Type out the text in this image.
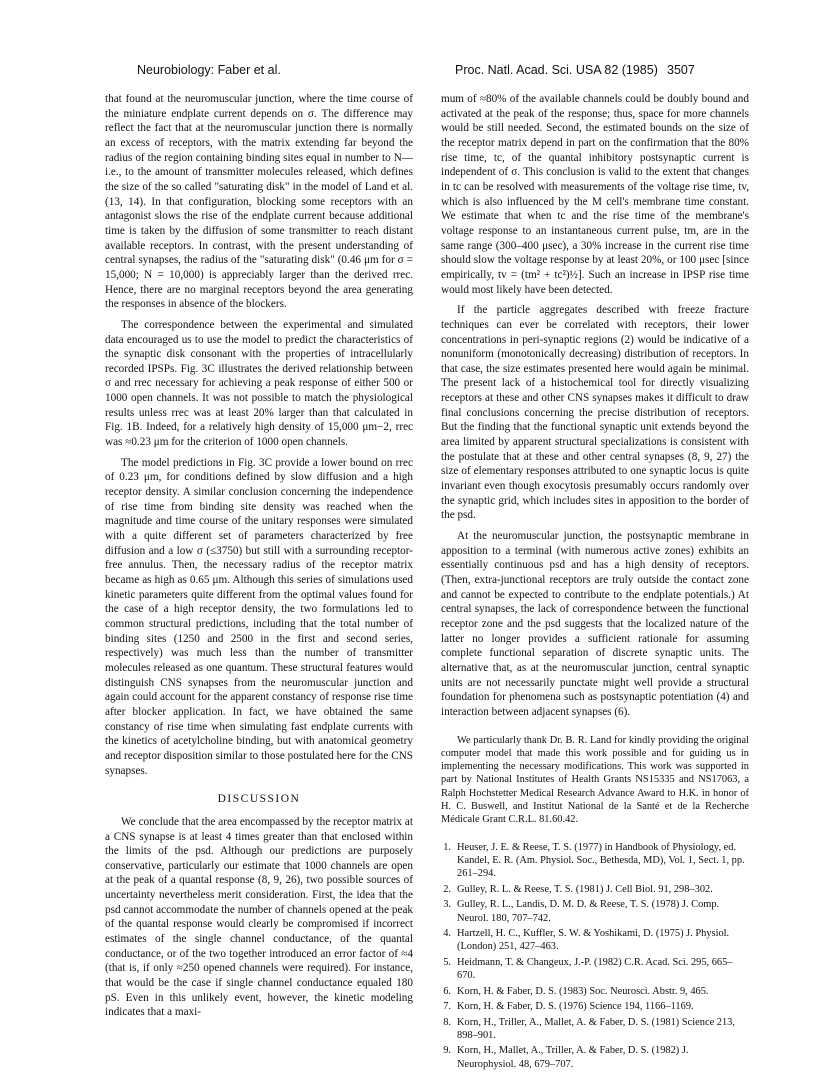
Neurobiology: Faber et al.	Proc. Natl. Acad. Sci. USA 82 (1985) 3507

that found at the neuromuscular junction, where the time course of the miniature endplate current depends on σ. The difference may reflect the fact that at the neuromuscular junction there is normally an excess of receptors, with the matrix extending far beyond the radius of the region containing binding sites equal in number to N—i.e., to the amount of transmitter molecules released, which defines the size of the so called "saturating disk" in the model of Land et al. (13, 14). In that configuration, blocking some receptors with an antagonist slows the rise of the endplate current because additional time is taken by the diffusion of some transmitter to reach distant available receptors. In contrast, with the present understanding of central synapses, the radius of the "saturating disk" (0.46 μm for σ = 15,000; N = 10,000) is appreciably larger than the derived rrec. Hence, there are no marginal receptors beyond the area generating the responses in absence of the blockers.

The correspondence between the experimental and simulated data encouraged us to use the model to predict the characteristics of the synaptic disk consonant with the properties of intracellularly recorded IPSPs. Fig. 3C illustrates the derived relationship between σ and rrec necessary for achieving a peak response of either 500 or 1000 open channels. It was not possible to match the physiological results unless rrec was at least 20% larger than that calculated in Fig. 1B. Indeed, for a relatively high density of 15,000 μm−2, rrec was ≈0.23 μm for the criterion of 1000 open channels.

The model predictions in Fig. 3C provide a lower bound on rrec of 0.23 μm, for conditions defined by slow diffusion and a high receptor density. A similar conclusion concerning the independence of rise time from binding site density was reached when the magnitude and time course of the unitary responses were simulated with a quite different set of parameters characterized by free diffusion and a low σ (≤3750) but still with a surrounding receptor-free annulus. Then, the necessary radius of the receptor matrix became as high as 0.65 μm. Although this series of simulations used kinetic parameters quite different from the optimal values found for the case of a high receptor density, the two formulations led to common structural predictions, including that the total number of binding sites (1250 and 2500 in the first and second series, respectively) was much less than the number of transmitter molecules released as one quantum. These structural features would distinguish CNS synapses from the neuromuscular junction and again could account for the apparent constancy of response rise time after blocker application. In fact, we have obtained the same constancy of rise time when simulating fast endplate currents with the kinetics of acetylcholine binding, but with anatomical geometry and receptor disposition similar to those postulated here for the CNS synapses.

DISCUSSION

We conclude that the area encompassed by the receptor matrix at a CNS synapse is at least 4 times greater than that enclosed within the limits of the psd. Although our predictions are purposely conservative, particularly our estimate that 1000 channels are open at the peak of a quantal response (8, 9, 26), two possible sources of uncertainty nevertheless merit consideration. First, the idea that the psd cannot accommodate the number of channels opened at the peak of the quantal response would clearly be compromised if incorrect estimates of the single channel conductance, of the quantal conductance, or of the two together introduced an error factor of ≈4 (that is, if only ≈250 opened channels were required). For instance, that would be the case if single channel conductance equaled 180 pS. Even in this unlikely event, however, the kinetic modeling indicates that a maxi-

mum of ≈80% of the available channels could be doubly bound and activated at the peak of the response; thus, space for more channels would be still needed. Second, the estimated bounds on the size of the receptor matrix depend in part on the confirmation that the 80% rise time, tc, of the quantal inhibitory postsynaptic current is independent of σ. This conclusion is valid to the extent that changes in tc can be resolved with measurements of the voltage rise time, tv, which is also influenced by the M cell's membrane time constant. We estimate that when tc and the rise time of the membrane's voltage response to an instantaneous current pulse, tm, are in the same range (300–400 μsec), a 30% increase in the current rise time should slow the voltage response by at least 20%, or 100 μsec [since empirically, tv = (tm² + tc²)½]. Such an increase in IPSP rise time would most likely have been detected.

If the particle aggregates described with freeze fracture techniques can ever be correlated with receptors, their lower concentrations in peri-synaptic regions (2) would be indicative of a nonuniform (monotonically decreasing) distribution of receptors. In that case, the size estimates presented here would again be minimal. The present lack of a histochemical tool for directly visualizing receptors at these and other CNS synapses makes it difficult to draw final conclusions concerning the precise distribution of receptors. But the finding that the functional synaptic unit extends beyond the area limited by apparent structural specializations is consistent with the postulate that at these and other central synapses (8, 9, 27) the size of elementary responses attributed to one synaptic locus is quite invariant even though exocytosis presumably occurs randomly over the synaptic grid, which includes sites in apposition to the border of the psd.

At the neuromuscular junction, the postsynaptic membrane in apposition to a terminal (with numerous active zones) exhibits an essentially continuous psd and has a high density of receptors. (Then, extra-junctional receptors are truly outside the contact zone and cannot be expected to contribute to the endplate potentials.) At central synapses, the lack of correspondence between the functional receptor zone and the psd suggests that the localized nature of the latter no longer provides a sufficient rationale for assuming complete functional separation of discrete synaptic units. The alternative that, as at the neuromuscular junction, central synaptic units are not necessarily punctate might well provide a structural foundation for phenomena such as postsynaptic potentiation (4) and interaction between adjacent synapses (6).

We particularly thank Dr. B. R. Land for kindly providing the original computer model that made this work possible and for guiding us in implementing the necessary modifications. This work was supported in part by National Institutes of Health Grants NS15335 and NS17063, a Ralph Hochstetter Medical Research Advance Award to H.K. in honor of H. C. Buswell, and Institut National de la Santé et de la Recherche Médicale Grant C.R.L. 81.60.42.

1. Heuser, J. E. & Reese, T. S. (1977) in Handbook of Physiology, ed. Kandel, E. R. (Am. Physiol. Soc., Bethesda, MD), Vol. 1, Sect. 1, pp. 261–294.
2. Gulley, R. L. & Reese, T. S. (1981) J. Cell Biol. 91, 298–302.
3. Gulley, R. L., Landis, D. M. D. & Reese, T. S. (1978) J. Comp. Neurol. 180, 707–742.
4. Hartzell, H. C., Kuffler, S. W. & Yoshikami, D. (1975) J. Physiol. (London) 251, 427–463.
5. Heidmann, T. & Changeux, J.-P. (1982) C.R. Acad. Sci. 295, 665–670.
6. Korn, H. & Faber, D. S. (1983) Soc. Neurosci. Abstr. 9, 465.
7. Korn, H. & Faber, D. S. (1976) Science 194, 1166–1169.
8. Korn, H., Triller, A., Mallet, A. & Faber, D. S. (1981) Science 213, 898–901.
9. Korn, H., Mallet, A., Triller, A. & Faber, D. S. (1982) J. Neurophysiol. 48, 679–707.
